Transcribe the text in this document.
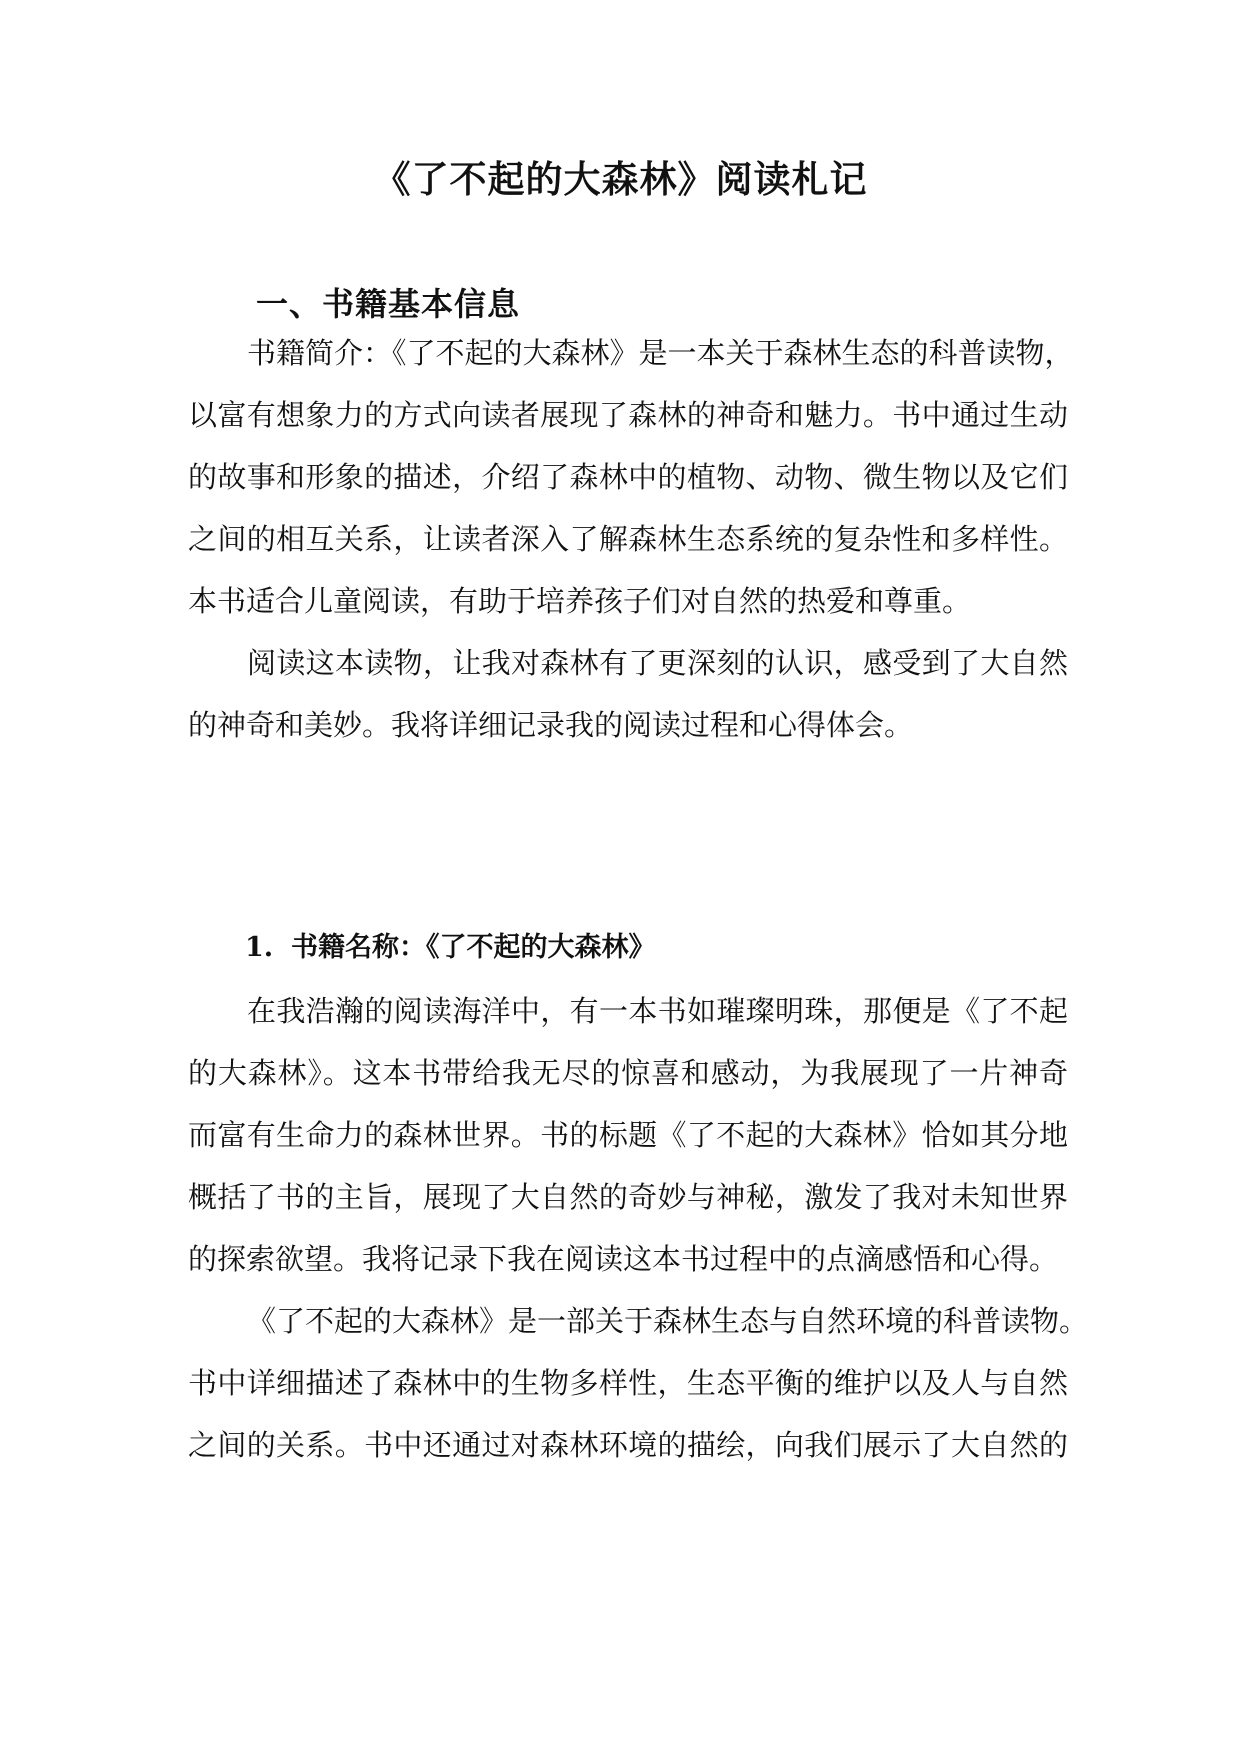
《了不起的大森林》阅读札记
一、书籍基本信息

书籍简介：《了不起的大森林》是一本关于森林生态的科普读物，

以富有想象力的方式向读者展现了森林的神奇和魅力。书中通过生动

的故事和形象的描述，介绍了森林中的植物、动物、微生物以及它们

之间的相互关系，让读者深入了解森林生态系统的复杂性和多样性。

本书适合儿童阅读，有助于培养孩子们对自然的热爱和尊重。

阅读这本读物，让我对森林有了更深刻的认识，感受到了大自然

的神奇和美妙。我将详细记录我的阅读过程和心得体会。

1. 书籍名称：《了不起的大森林》

在我浩瀚的阅读海洋中，有一本书如璀璨明珠，那便是《了不起

的大森林》。这本书带给我无尽的惊喜和感动，为我展现了一片神奇

而富有生命力的森林世界。书的标题《了不起的大森林》恰如其分地

概括了书的主旨，展现了大自然的奇妙与神秘，激发了我对未知世界

的探索欲望。我将记录下我在阅读这本书过程中的点滴感悟和心得。

《了不起的大森林》是一部关于森林生态与自然环境的科普读物。

书中详细描述了森林中的生物多样性，生态平衡的维护以及人与自然

之间的关系。书中还通过对森林环境的描绘，向我们展示了大自然的
